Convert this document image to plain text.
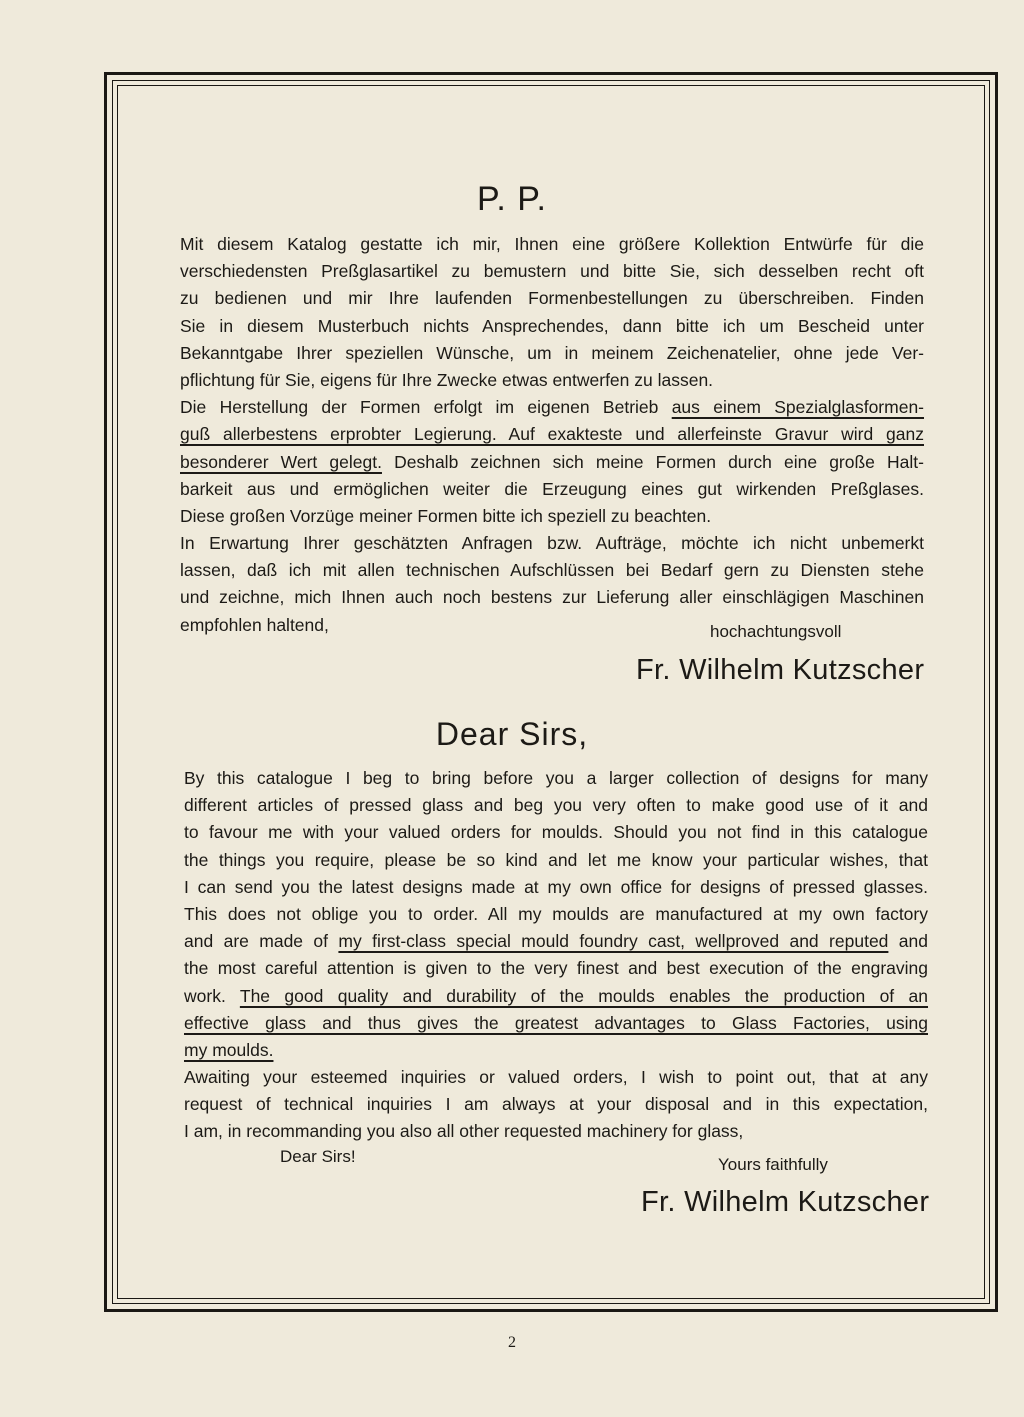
P. P.
Mit diesem Katalog gestatte ich mir, Ihnen eine größere Kollektion Entwürfe für die
verschiedensten Preßglasartikel zu bemustern und bitte Sie, sich desselben recht oft
zu bedienen und mir Ihre laufenden Formenbestellungen zu überschreiben. Finden
Sie in diesem Musterbuch nichts Ansprechendes, dann bitte ich um Bescheid unter
Bekanntgabe Ihrer speziellen Wünsche, um in meinem Zeichenatelier, ohne jede Ver-
pflichtung für Sie, eigens für Ihre Zwecke etwas entwerfen zu lassen.
Die Herstellung der Formen erfolgt im eigenen Betrieb aus einem Spezialglasformen-
guß allerbestens erprobter Legierung. Auf exakteste und allerfeinste Gravur wird ganz
besonderer Wert gelegt. Deshalb zeichnen sich meine Formen durch eine große Halt-
barkeit aus und ermöglichen weiter die Erzeugung eines gut wirkenden Preßglases.
Diese großen Vorzüge meiner Formen bitte ich speziell zu beachten.
In Erwartung Ihrer geschätzten Anfragen bzw. Aufträge, möchte ich nicht unbemerkt
lassen, daß ich mit allen technischen Aufschlüssen bei Bedarf gern zu Diensten stehe
und zeichne, mich Ihnen auch noch bestens zur Lieferung aller einschlägigen Maschinen
empfohlen haltend,	hochachtungsvoll
Fr. Wilhelm Kutzscher
Dear Sirs,
By this catalogue I beg to bring before you a larger collection of designs for many
different articles of pressed glass and beg you very often to make good use of it and
to favour me with your valued orders for moulds. Should you not find in this catalogue
the things you require, please be so kind and let me know your particular wishes, that
I can send you the latest designs made at my own office for designs of pressed glasses.
This does not oblige you to order. All my moulds are manufactured at my own factory
and are made of my first-class special mould foundry cast, wellproved and reputed and
the most careful attention is given to the very finest and best execution of the engraving
work. The good quality and durability of the moulds enables the production of an
effective glass and thus gives the greatest advantages to Glass Factories, using
my moulds.
Awaiting your esteemed inquiries or valued orders, I wish to point out, that at any
request of technical inquiries I am always at your disposal and in this expectation,
I am, in recommanding you also all other requested machinery for glass,
Dear Sirs!	Yours faithfully
Fr. Wilhelm Kutzscher
2
